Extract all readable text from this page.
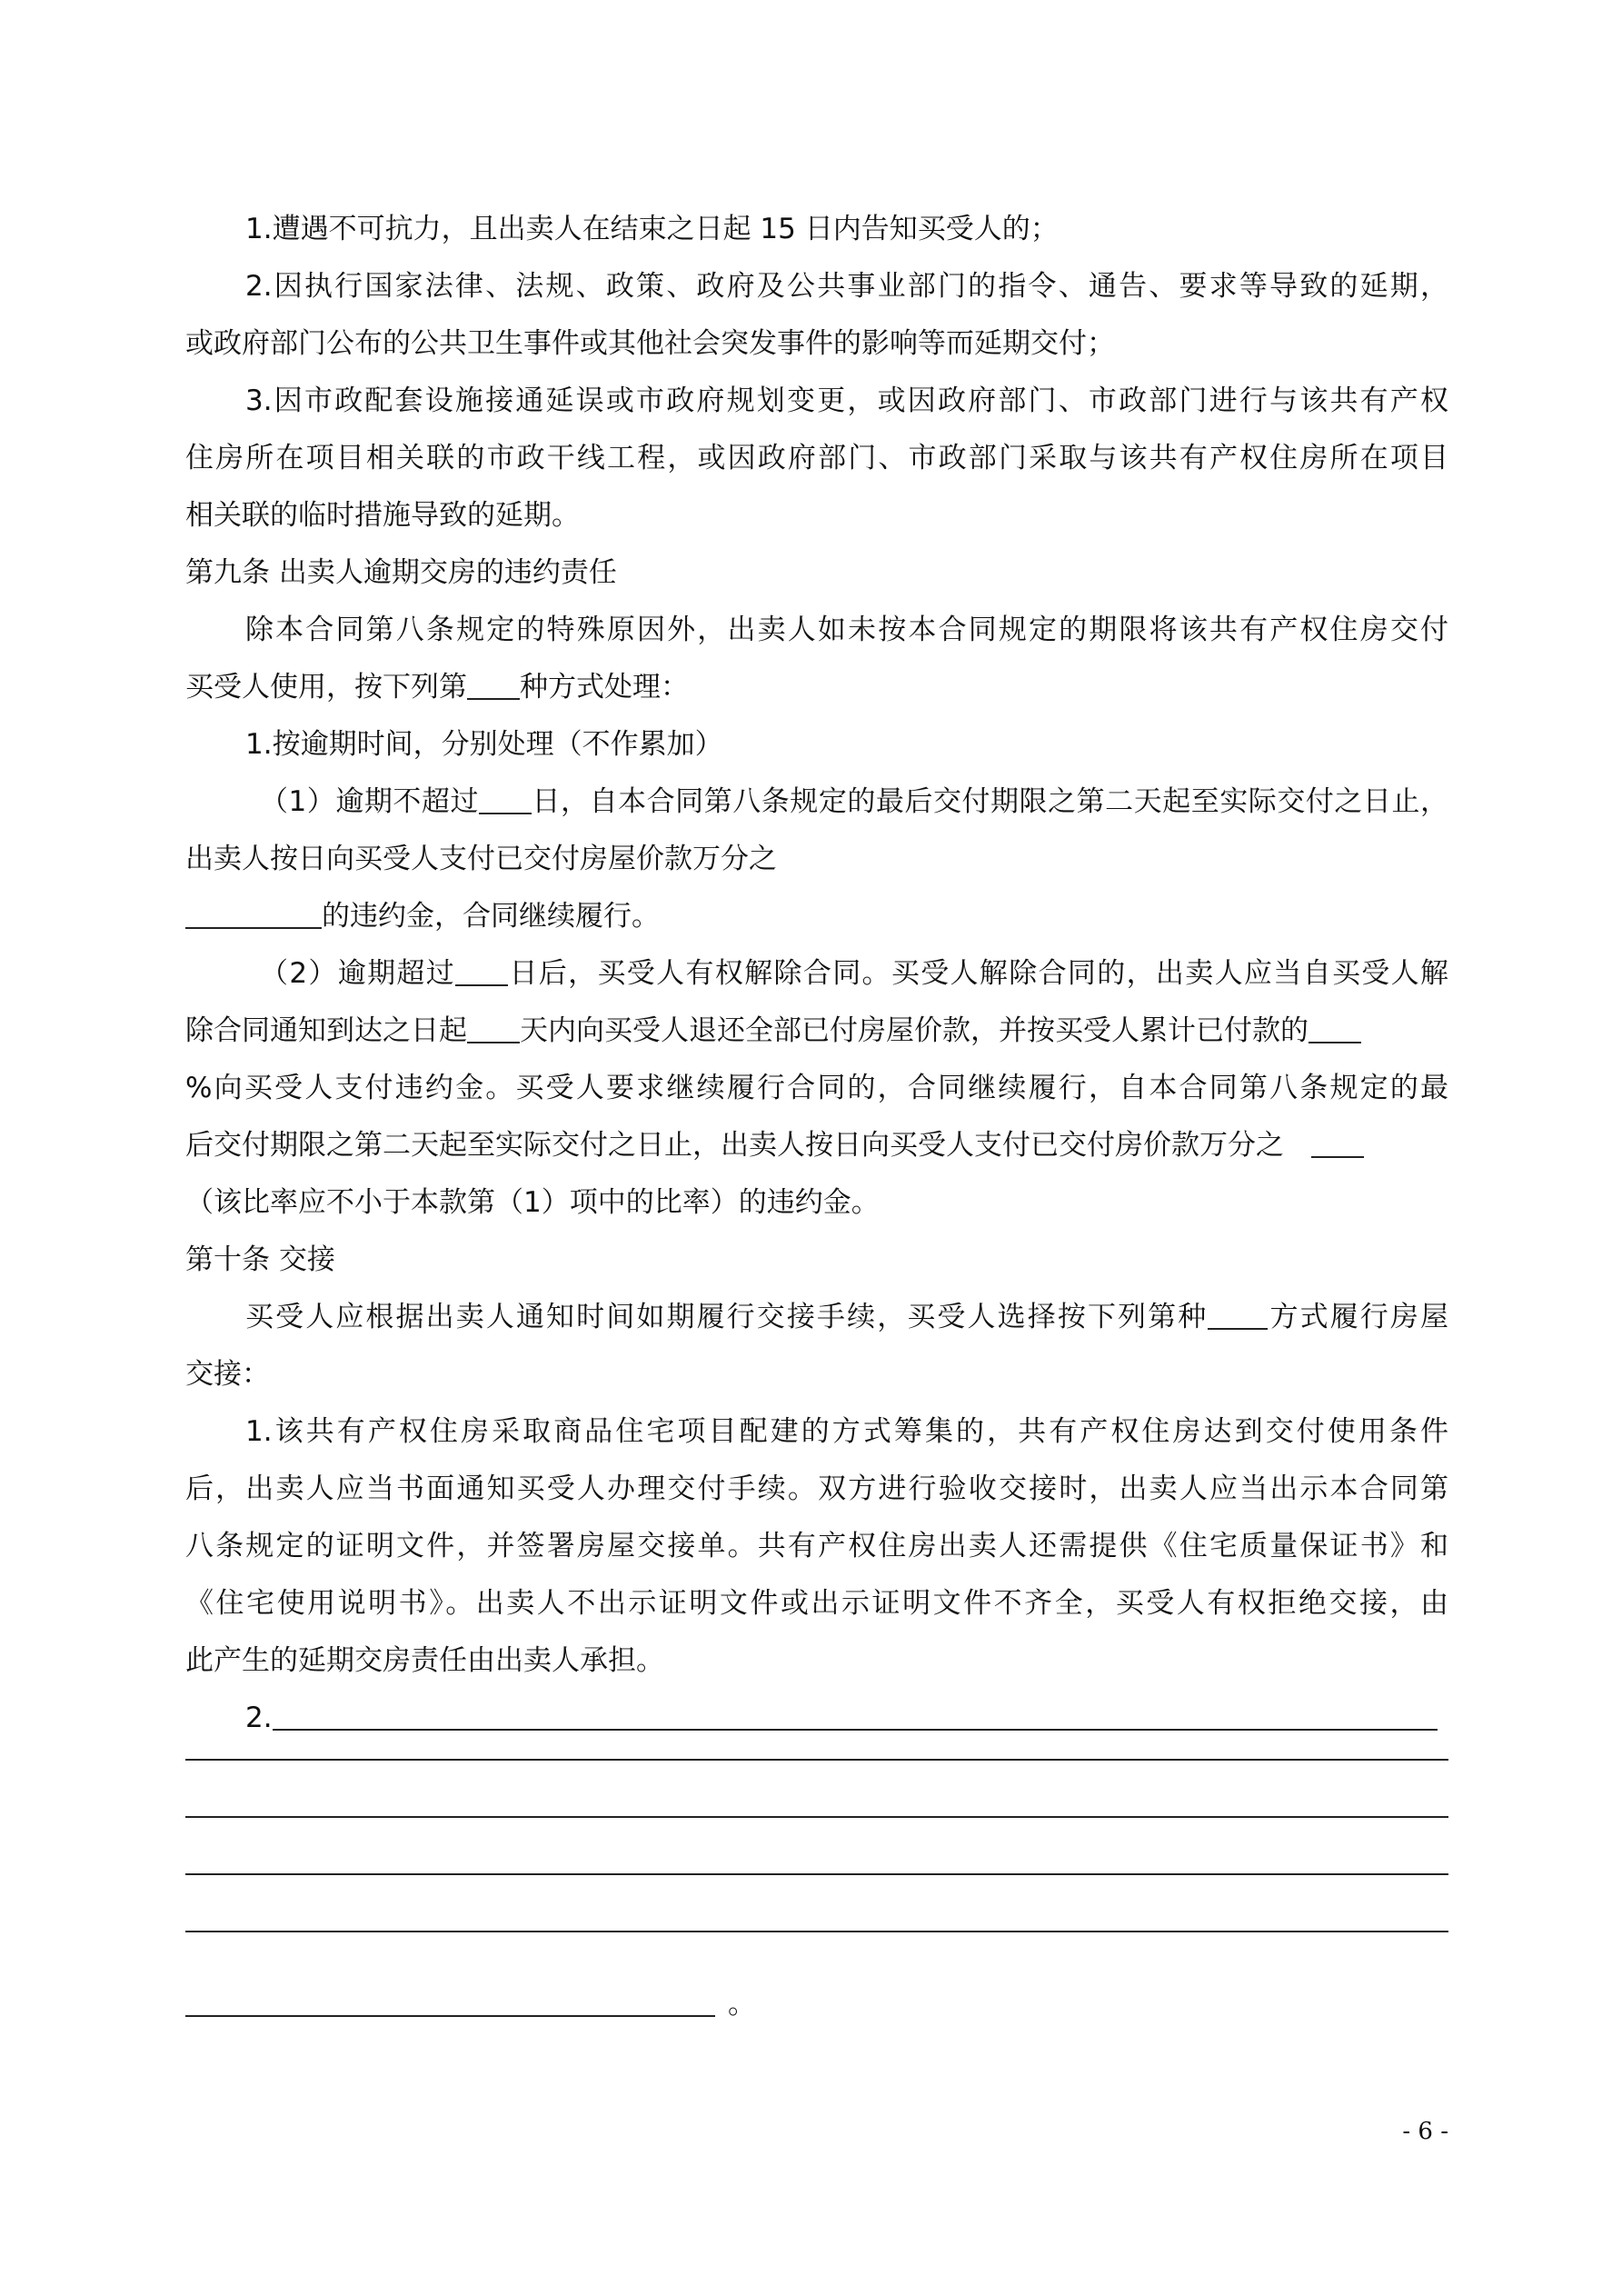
1.遭遇不可抗力，且出卖人在结束之日起 15 日内告知买受人的；
2.因执行国家法律、法规、政策、政府及公共事业部门的指令、通告、要求等导致的延期，
或政府部门公布的公共卫生事件或其他社会突发事件的影响等而延期交付；
3.因市政配套设施接通延误或市政府规划变更，或因政府部门、市政部门进行与该共有产权
住房所在项目相关联的市政干线工程，或因政府部门、市政部门采取与该共有产权住房所在项目
相关联的临时措施导致的延期。
第九条 出卖人逾期交房的违约责任
除本合同第八条规定的特殊原因外，出卖人如未按本合同规定的期限将该共有产权住房交付
买受人使用，按下列第 种方式处理：
1.按逾期时间，分别处理（不作累加）
（1）逾期不超过 日，自本合同第八条规定的最后交付期限之第二天起至实际交付之日止，
出卖人按日向买受人支付已交付房屋价款万分之
的违约金，合同继续履行。
（2）逾期超过 日后，买受人有权解除合同。买受人解除合同的，出卖人应当自买受人解
除合同通知到达之日起 天内向买受人退还全部已付房屋价款，并按买受人累计已付款的
%向买受人支付违约金。买受人要求继续履行合同的，合同继续履行，自本合同第八条规定的最
后交付期限之第二天起至实际交付之日止，出卖人按日向买受人支付已交付房价款万分之
（该比率应不小于本款第（1）项中的比率）的违约金。
第十条 交接
买受人应根据出卖人通知时间如期履行交接手续，买受人选择按下列第种 方式履行房屋
交接：
1.该共有产权住房采取商品住宅项目配建的方式筹集的，共有产权住房达到交付使用条件
后，出卖人应当书面通知买受人办理交付手续。双方进行验收交接时，出卖人应当出示本合同第
八条规定的证明文件，并签署房屋交接单。共有产权住房出卖人还需提供《住宅质量保证书》和
《住宅使用说明书》。出卖人不出示证明文件或出示证明文件不齐全，买受人有权拒绝交接，由
此产生的延期交房责任由出卖人承担。
2.
。
- 6 -
